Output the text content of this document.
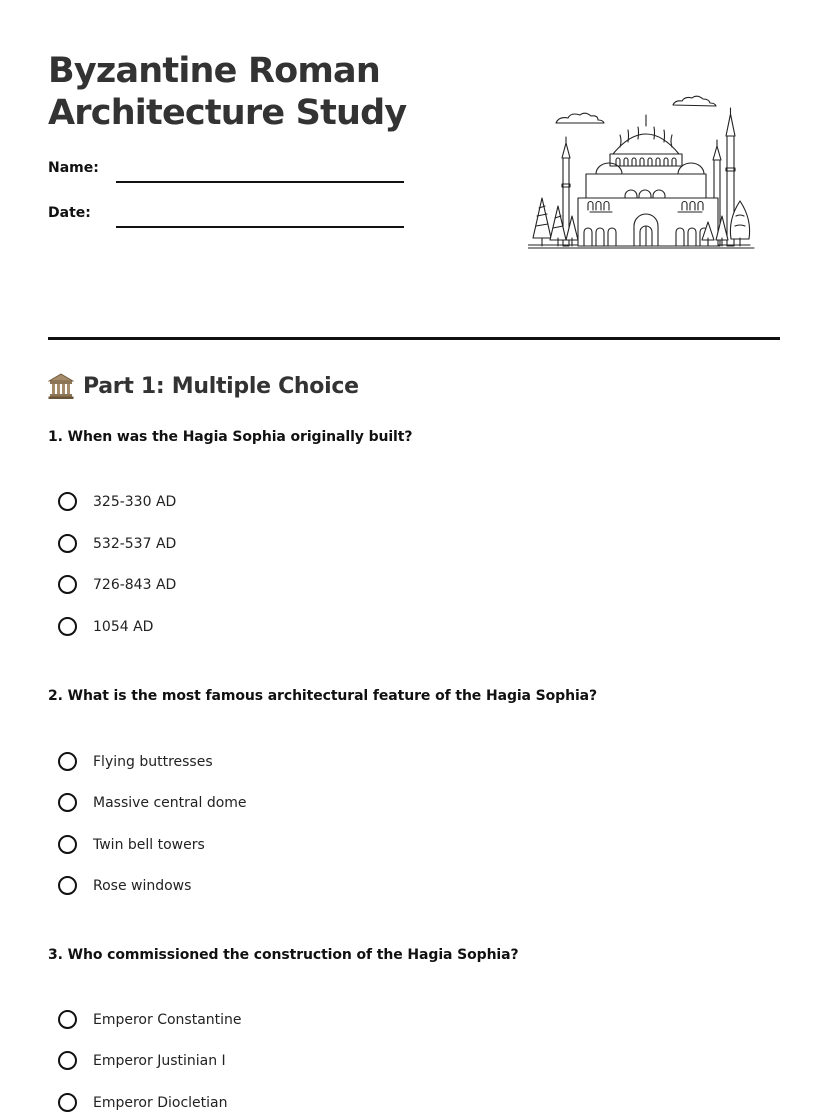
Byzantine Roman Architecture Study
Name:
Date:
Part 1: Multiple Choice
1. When was the Hagia Sophia originally built?
325-330 AD
532-537 AD
726-843 AD
1054 AD
2. What is the most famous architectural feature of the Hagia Sophia?
Flying buttresses
Massive central dome
Twin bell towers
Rose windows
3. Who commissioned the construction of the Hagia Sophia?
Emperor Constantine
Emperor Justinian I
Emperor Diocletian
